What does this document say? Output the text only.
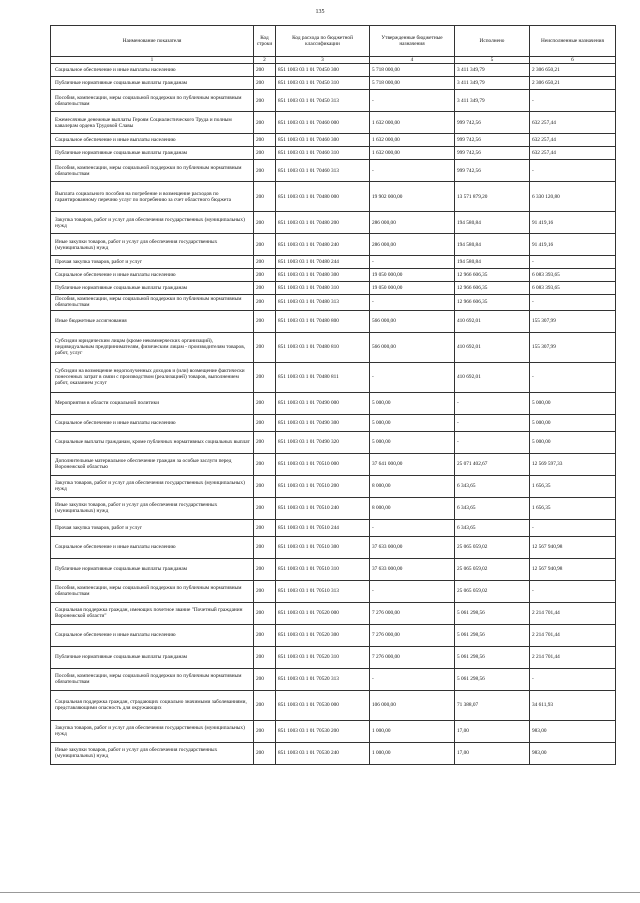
135
Наименование показателя	Код строки	Код расхода по бюджетной классификации	Утвержденные бюджетные назначения	Исполнено	Неисполненные назначения
1	2	3	4	5	6
Социальное обеспечение и иные выплаты населению	200	851 1003 03 1 01 70450 300	5 718 000,00	3 411 349,79	2 306 650,21
Публичные нормативные социальные выплаты гражданам	200	851 1003 03 1 01 70450 310	5 718 000,00	3 411 349,79	2 306 650,21
Пособия, компенсации, меры социальной поддержки по публичным нормативным обязательствам	200	851 1003 03 1 01 70450 313	-	3 411 349,79	-
Ежемесячные денежные выплаты Героям Социалистического Труда и полным кавалерам ордена Трудовой Славы	200	851 1003 03 1 01 70460 000	1 632 000,00	999 742,56	632 257,44
Социальное обеспечение и иные выплаты населению	200	851 1003 03 1 01 70460 300	1 632 000,00	999 742,56	632 257,44
Публичные нормативные социальные выплаты гражданам	200	851 1003 03 1 01 70460 310	1 632 000,00	999 742,56	632 257,44
Пособия, компенсации, меры социальной поддержки по публичным нормативным обязательствам	200	851 1003 03 1 01 70460 313	-	999 742,56	-
Выплата социального пособия на погребение и возмещение расходов по гарантированному перечню услуг по погребению за счет областного бюджета	200	851 1003 03 1 01 70480 000	19 902 000,00	13 571 879,20	6 330 120,80
Закупка товаров, работ и услуг для обеспечения государственных (муниципальных) нужд	200	851 1003 03 1 01 70480 200	286 000,00	194 580,84	91 419,16
Иные закупки товаров, работ и услуг для обеспечения государственных (муниципальных) нужд	200	851 1003 03 1 01 70480 240	286 000,00	194 580,84	91 419,16
Прочая закупка товаров, работ и услуг	200	851 1003 03 1 01 70480 244	-	194 580,84	-
Социальное обеспечение и иные выплаты населению	200	851 1003 03 1 01 70480 300	19 050 000,00	12 966 606,35	6 083 393,65
Публичные нормативные социальные выплаты гражданам	200	851 1003 03 1 01 70480 310	19 050 000,00	12 966 606,35	6 083 393,65
Пособия, компенсации, меры социальной поддержки по публичным нормативным обязательствам	200	851 1003 03 1 01 70480 313	-	12 966 606,35	-
Иные бюджетные ассигнования	200	851 1003 03 1 01 70480 800	566 000,00	410 692,01	155 307,99
Субсидии юридическим лицам (кроме некоммерческих организаций), индивидуальным предпринимателям, физическим лицам - производителям товаров, работ, услуг	200	851 1003 03 1 01 70480 810	566 000,00	410 692,01	155 307,99
Субсидии на возмещение недополученных доходов и (или) возмещение фактически понесенных затрат в связи с производством (реализацией) товаров, выполнением работ, оказанием услуг	200	851 1003 03 1 01 70480 811	-	410 692,01	-
Мероприятия в области социальной политики	200	851 1003 03 1 01 70490 000	5 000,00	-	5 000,00
Социальное обеспечение и иные выплаты населению	200	851 1003 03 1 01 70490 300	5 000,00	-	5 000,00
Социальные выплаты гражданам, кроме публичных нормативных социальных выплат	200	851 1003 03 1 01 70490 320	5 000,00	-	5 000,00
Дополнительные материальное обеспечение граждан за особые заслуги перед Воронежской областью	200	851 1003 03 1 01 70510 000	37 641 000,00	25 071 402,67	12 569 597,33
Закупка товаров, работ и услуг для обеспечения государственных (муниципальных) нужд	200	851 1003 03 1 01 70510 200	8 000,00	6 343,65	1 656,35
Иные закупки товаров, работ и услуг для обеспечения государственных (муниципальных) нужд	200	851 1003 03 1 01 70510 240	8 000,00	6 343,65	1 656,35
Прочая закупка товаров, работ и услуг	200	851 1003 03 1 01 70510 244	-	6 343,65	-
Социальное обеспечение и иные выплаты населению	200	851 1003 03 1 01 70510 300	37 633 000,00	25 065 059,02	12 567 940,98
Публичные нормативные социальные выплаты гражданам	200	851 1003 03 1 01 70510 310	37 633 000,00	25 065 059,02	12 567 940,98
Пособия, компенсации, меры социальной поддержки по публичным нормативным обязательствам	200	851 1003 03 1 01 70510 313	-	25 065 059,02	-
Социальная поддержка граждан, имеющих почетное звание "Почетный гражданин Воронежской области"	200	851 1003 03 1 01 70520 000	7 276 000,00	5 061 298,56	2 214 701,44
Социальное обеспечение и иные выплаты населению	200	851 1003 03 1 01 70520 300	7 276 000,00	5 061 298,56	2 214 701,44
Публичные нормативные социальные выплаты гражданам	200	851 1003 03 1 01 70520 310	7 276 000,00	5 061 298,56	2 214 701,44
Пособия, компенсации, меры социальной поддержки по публичным нормативным обязательствам	200	851 1003 03 1 01 70520 313	-	5 061 298,56	-
Социальная поддержка граждан, страдающих социально значимыми заболеваниями, представляющими опасность для окружающих	200	851 1003 03 1 01 70530 000	106 000,00	71 388,07	34 611,93
Закупка товаров, работ и услуг для обеспечения государственных (муниципальных) нужд	200	851 1003 03 1 01 70530 200	1 000,00	17,00	983,00
Иные закупки товаров, работ и услуг для обеспечения государственных (муниципальных) нужд	200	851 1003 03 1 01 70530 240	1 000,00	17,00	983,00
